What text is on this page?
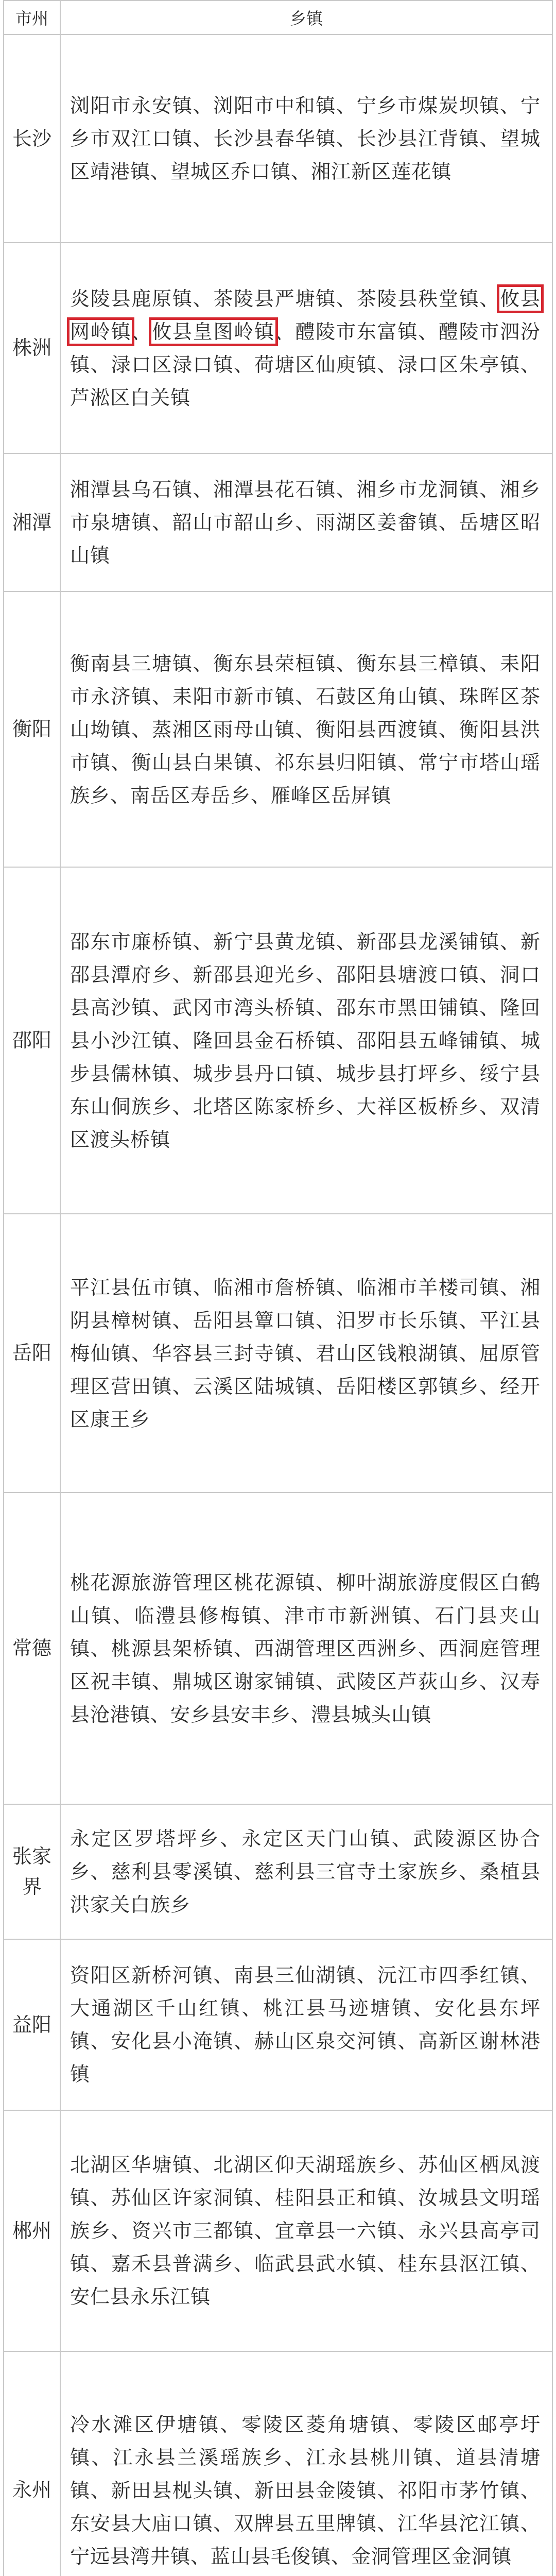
市州	乡镇
长沙	浏阳市永安镇、浏阳市中和镇、宁乡市煤炭坝镇、宁乡市双江口镇、长沙县春华镇、长沙县江背镇、望城区靖港镇、望城区乔口镇、湘江新区莲花镇
株洲	炎陵县鹿原镇、茶陵县严塘镇、茶陵县秩堂镇、攸县网岭镇、攸县皇图岭镇、醴陵市东富镇、醴陵市泗汾镇、渌口区渌口镇、荷塘区仙庾镇、渌口区朱亭镇、芦淞区白关镇
湘潭	湘潭县乌石镇、湘潭县花石镇、湘乡市龙洞镇、湘乡市泉塘镇、韶山市韶山乡、雨湖区姜畲镇、岳塘区昭山镇
衡阳	衡南县三塘镇、衡东县荣桓镇、衡东县三樟镇、耒阳市永济镇、耒阳市新市镇、石鼓区角山镇、珠晖区茶山坳镇、蒸湘区雨母山镇、衡阳县西渡镇、衡阳县洪市镇、衡山县白果镇、祁东县归阳镇、常宁市塔山瑶族乡、南岳区寿岳乡、雁峰区岳屏镇
邵阳	邵东市廉桥镇、新宁县黄龙镇、新邵县龙溪铺镇、新邵县潭府乡、新邵县迎光乡、邵阳县塘渡口镇、洞口县高沙镇、武冈市湾头桥镇、邵东市黑田铺镇、隆回县小沙江镇、隆回县金石桥镇、邵阳县五峰铺镇、城步县儒林镇、城步县丹口镇、城步县打坪乡、绥宁县东山侗族乡、北塔区陈家桥乡、大祥区板桥乡、双清区渡头桥镇
岳阳	平江县伍市镇、临湘市詹桥镇、临湘市羊楼司镇、湘阴县樟树镇、岳阳县簟口镇、汨罗市长乐镇、平江县梅仙镇、华容县三封寺镇、君山区钱粮湖镇、屈原管理区营田镇、云溪区陆城镇、岳阳楼区郭镇乡、经开区康王乡
常德	桃花源旅游管理区桃花源镇、柳叶湖旅游度假区白鹤山镇、临澧县修梅镇、津市市新洲镇、石门县夹山镇、桃源县架桥镇、西湖管理区西洲乡、西洞庭管理区祝丰镇、鼎城区谢家铺镇、武陵区芦荻山乡、汉寿县沧港镇、安乡县安丰乡、澧县城头山镇
张家界	永定区罗塔坪乡、永定区天门山镇、武陵源区协合乡、慈利县零溪镇、慈利县三官寺土家族乡、桑植县洪家关白族乡
益阳	资阳区新桥河镇、南县三仙湖镇、沅江市四季红镇、大通湖区千山红镇、桃江县马迹塘镇、安化县东坪镇、安化县小淹镇、赫山区泉交河镇、高新区谢林港镇
郴州	北湖区华塘镇、北湖区仰天湖瑶族乡、苏仙区栖凤渡镇、苏仙区许家洞镇、桂阳县正和镇、汝城县文明瑶族乡、资兴市三都镇、宜章县一六镇、永兴县高亭司镇、嘉禾县普满乡、临武县武水镇、桂东县沤江镇、安仁县永乐江镇
永州	冷水滩区伊塘镇、零陵区菱角塘镇、零陵区邮亭圩镇、江永县兰溪瑶族乡、江永县桃川镇、道县清塘镇、新田县枧头镇、新田县金陵镇、祁阳市茅竹镇、东安县大庙口镇、双牌县五里牌镇、江华县沱江镇、宁远县湾井镇、蓝山县毛俊镇、金洞管理区金洞镇
